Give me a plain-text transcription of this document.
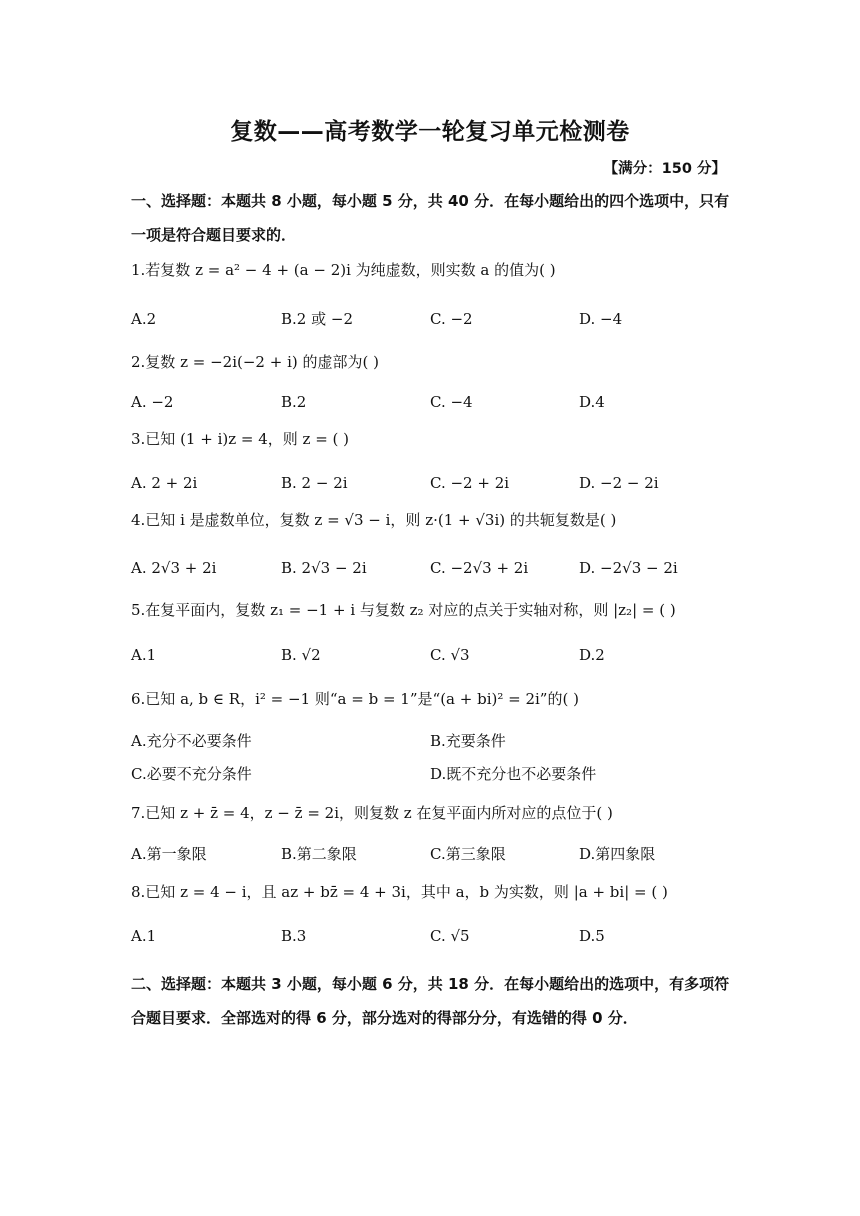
复数——高考数学一轮复习单元检测卷
【满分：150 分】
一、选择题：本题共 8 小题，每小题 5 分，共 40 分．在每小题给出的四个选项中，只有一项是符合题目要求的．
1.若复数 z = a² − 4 + (a − 2)i 为纯虚数，则实数 a 的值为( )
A.2	B.2 或 −2	C. −2	D. −4
2.复数 z = −2i(−2 + i) 的虚部为( )
A. −2	B.2	C. −4	D.4
3.已知 (1 + i)z = 4，则 z = ( )
A. 2 + 2i	B. 2 − 2i	C. −2 + 2i	D. −2 − 2i
4.已知 i 是虚数单位，复数 z = √3 − i，则 z·(1 + √3i) 的共轭复数是( )
A. 2√3 + 2i	B. 2√3 − 2i	C. −2√3 + 2i	D. −2√3 − 2i
5.在复平面内，复数 z₁ = −1 + i 与复数 z₂ 对应的点关于实轴对称，则 |z₂| = ( )
A.1	B. √2	C. √3	D.2
6.已知 a, b ∈ R，i² = −1 则“a = b = 1”是“(a + bi)² = 2i”的( )
A.充分不必要条件	B.充要条件
C.必要不充分条件	D.既不充分也不必要条件
7.已知 z + z̄ = 4，z − z̄ = 2i，则复数 z 在复平面内所对应的点位于( )
A.第一象限	B.第二象限	C.第三象限	D.第四象限
8.已知 z = 4 − i，且 az + bz̄ = 4 + 3i，其中 a，b 为实数，则 |a + bi| = ( )
A.1	B.3	C. √5	D.5
二、选择题：本题共 3 小题，每小题 6 分，共 18 分．在每小题给出的选项中，有多项符合题目要求．全部选对的得 6 分，部分选对的得部分分，有选错的得 0 分．
